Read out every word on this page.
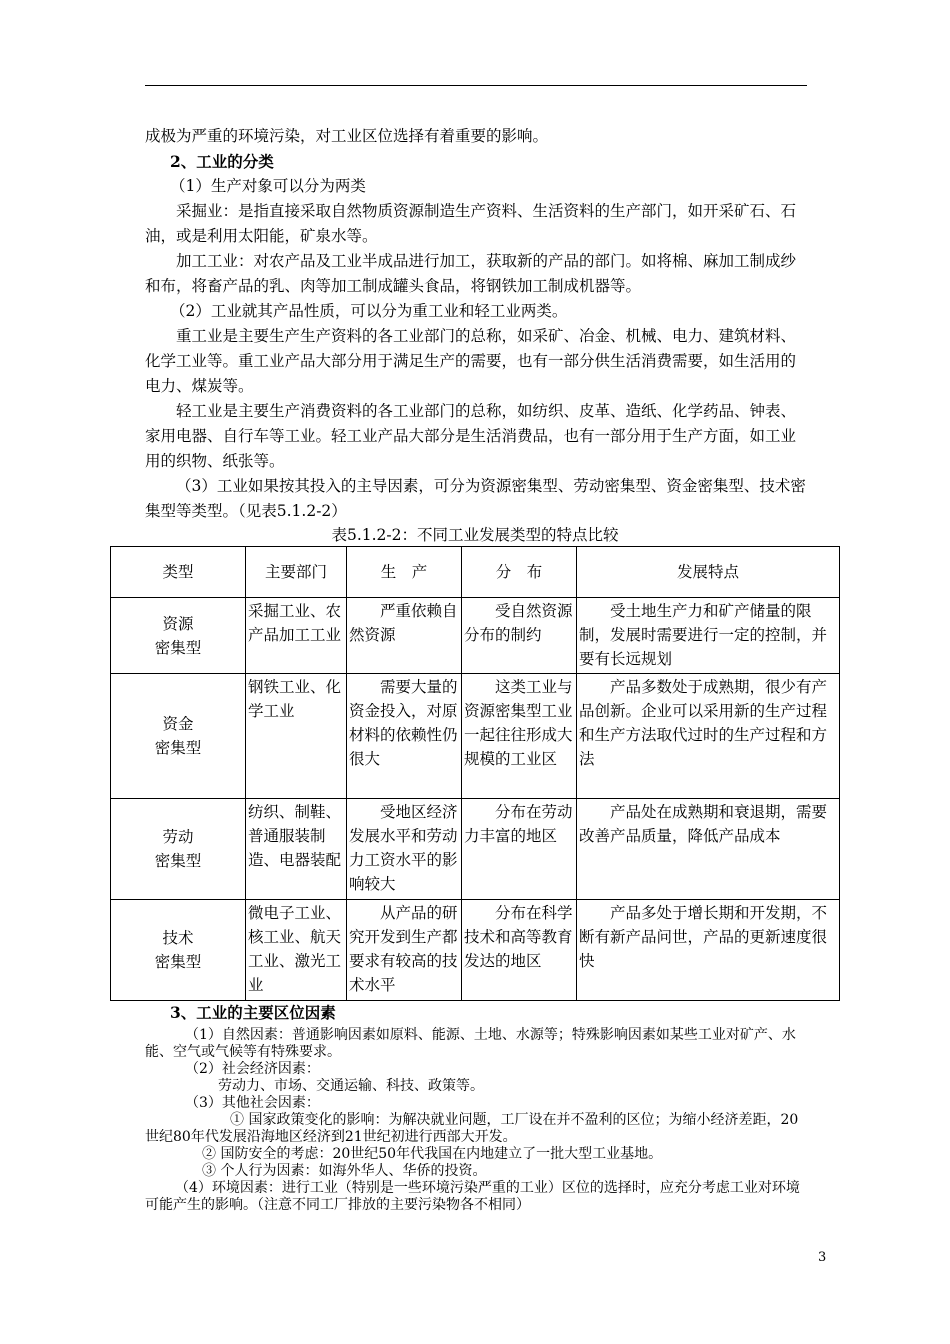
成极为严重的环境污染，对工业区位选择有着重要的影响。

2、工业的分类

（1）生产对象可以分为两类

采掘业：是指直接采取自然物质资源制造生产资料、生活资料的生产部门，如开采矿石、石油，或是利用太阳能，矿泉水等。

加工工业：对农产品及工业半成品进行加工，获取新的产品的部门。如将棉、麻加工制成纱和布，将畜产品的乳、肉等加工制成罐头食品，将钢铁加工制成机器等。

（2）工业就其产品性质，可以分为重工业和轻工业两类。

重工业是主要生产生产资料的各工业部门的总称，如采矿、冶金、机械、电力、建筑材料、化学工业等。重工业产品大部分用于满足生产的需要，也有一部分供生活消费需要，如生活用的电力、煤炭等。

轻工业是主要生产消费资料的各工业部门的总称，如纺织、皮革、造纸、化学药品、钟表、家用电器、自行车等工业。轻工业产品大部分是生活消费品，也有一部分用于生产方面，如工业用的织物、纸张等。

（3）工业如果按其投入的主导因素，可分为资源密集型、劳动密集型、资金密集型、技术密集型等类型。（见表5.1.2-2）

表5.1.2-2：不同工业发展类型的特点比较
类型	主要部门	生　产	分　布	发展特点
资源
密集型	采掘工业、农产品加工工业	严重依赖自然资源	受自然资源分布的制约	受土地生产力和矿产储量的限制，发展时需要进行一定的控制，并要有长远规划
资金
密集型	钢铁工业、化学工业	需要大量的资金投入，对原材料的依赖性仍很大	这类工业与资源密集型工业一起往往形成大规模的工业区	产品多数处于成熟期，很少有产品创新。企业可以采用新的生产过程和生产方法取代过时的生产过程和方法
劳动
密集型	纺织、制鞋、普通服装制造、电器装配	受地区经济发展水平和劳动力工资水平的影响较大	分布在劳动力丰富的地区	产品处在成熟期和衰退期，需要改善产品质量，降低产品成本
技术
密集型	微电子工业、 核工业、航天工业、激光工业	从产品的研究开发到生产都要求有较高的技术水平	分布在科学技术和高等教育发达的地区	产品多处于增长期和开发期，不断有新产品问世，产品的更新速度很快

3、工业的主要区位因素

（1）自然因素：普通影响因素如原料、能源、土地、水源等；特殊影响因素如某些工业对矿产、水能、空气或气候等有特殊要求。

（2）社会经济因素：

劳动力、市场、交通运输、科技、政策等。

（3）其他社会因素：

① 国家政策变化的影响：为解决就业问题，工厂设在并不盈利的区位；为缩小经济差距，20世纪80年代发展沿海地区经济到21世纪初进行西部大开发。

② 国防安全的考虑：20世纪50年代我国在内地建立了一批大型工业基地。

③ 个人行为因素：如海外华人、华侨的投资。

（4）环境因素：进行工业（特别是一些环境污染严重的工业）区位的选择时，应充分考虑工业对环境可能产生的影响。（注意不同工厂排放的主要污染物各不相同）

3
